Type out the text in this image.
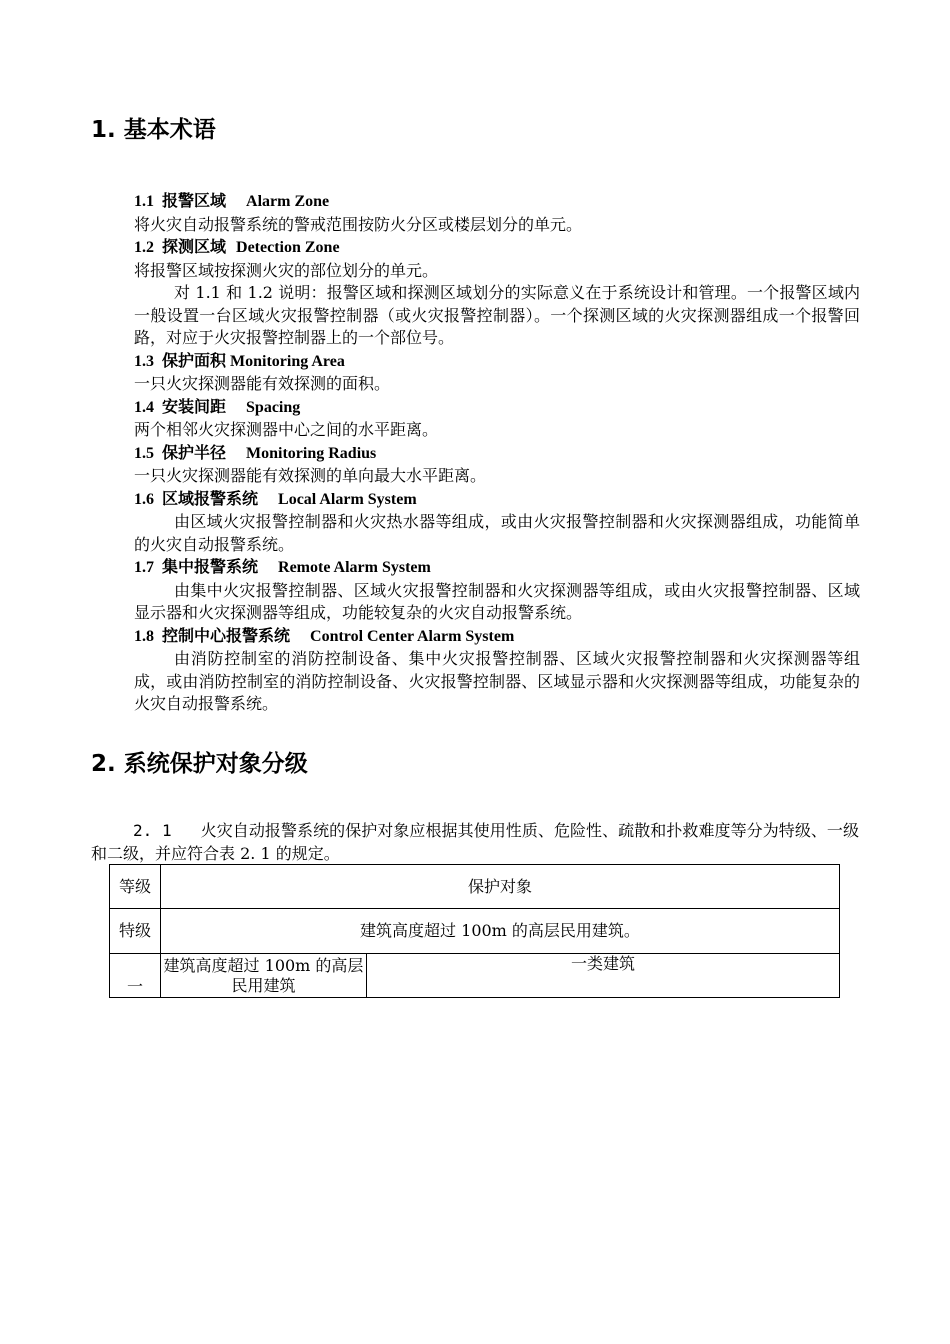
1. 基本术语
1.1 报警区域 Alarm Zone
将火灾自动报警系统的警戒范围按防火分区或楼层划分的单元。
1.2 探测区域 Detection Zone
将报警区域按探测火灾的部位划分的单元。
对 1.1 和 1.2 说明：报警区域和探测区域划分的实际意义在于系统设计和管理。一个报警区域内一般设置一台区域火灾报警控制器（或火灾报警控制器）。一个探测区域的火灾探测器组成一个报警回路，对应于火灾报警控制器上的一个部位号。
1.3 保护面积 Monitoring Area
一只火灾探测器能有效探测的面积。
1.4 安装间距 Spacing
两个相邻火灾探测器中心之间的水平距离。
1.5 保护半径 Monitoring Radius
一只火灾探测器能有效探测的单向最大水平距离。
1.6 区域报警系统 Local Alarm System
由区域火灾报警控制器和火灾热水器等组成，或由火灾报警控制器和火灾探测器组成，功能简单的火灾自动报警系统。
1.7 集中报警系统 Remote Alarm System
由集中火灾报警控制器、区域火灾报警控制器和火灾探测器等组成，或由火灾报警控制器、区域显示器和火灾探测器等组成，功能较复杂的火灾自动报警系统。
1.8 控制中心报警系统 Control Center Alarm System
由消防控制室的消防控制设备、集中火灾报警控制器、区域火灾报警控制器和火灾探测器等组成，或由消防控制室的消防控制设备、火灾报警控制器、区域显示器和火灾探测器等组成，功能复杂的火灾自动报警系统。
2. 系统保护对象分级
2. 1 火灾自动报警系统的保护对象应根据其使用性质、危险性、疏散和扑救难度等分为特级、一级和二级，并应符合表 2. 1 的规定。
等级	保护对象	
特级	建筑高度超过 100m 的高层民用建筑。	
一	建筑高度超过 100m 的高层民用建筑	一类建筑
